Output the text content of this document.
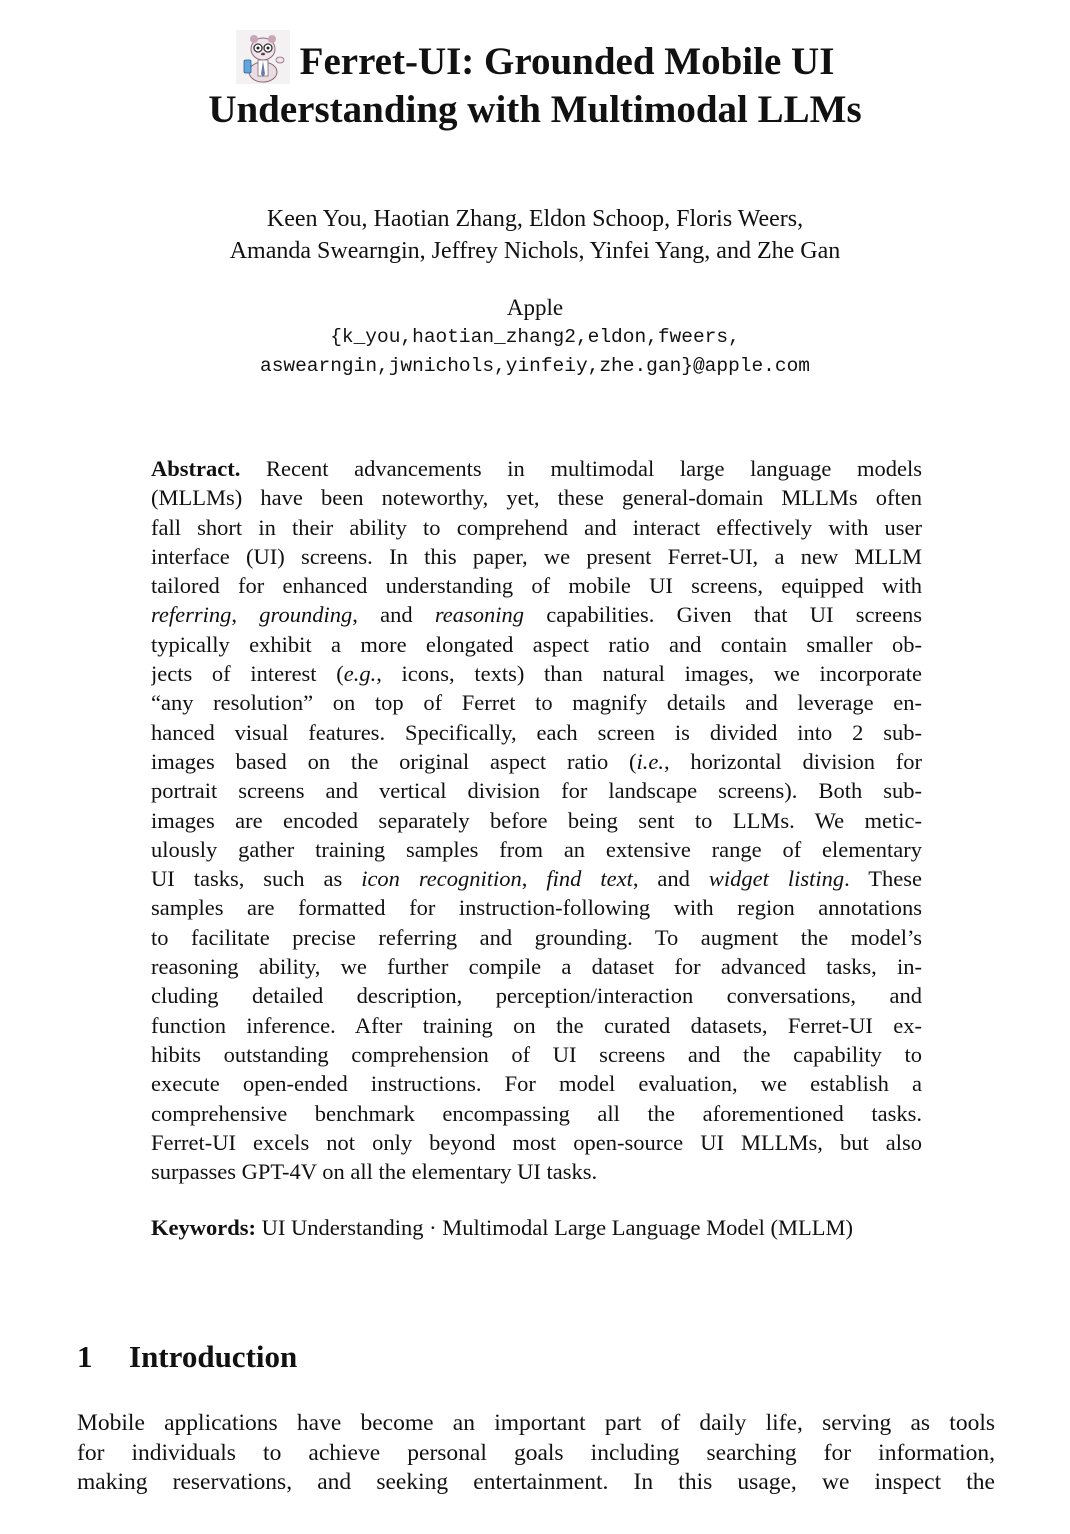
Ferret-UI: Grounded Mobile UI
Understanding with Multimodal LLMs
Keen You, Haotian Zhang, Eldon Schoop, Floris Weers,
Amanda Swearngin, Jeffrey Nichols, Yinfei Yang, and Zhe Gan
Apple
{k_you,haotian_zhang2,eldon,fweers,
aswearngin,jwnichols,yinfeiy,zhe.gan}@apple.com
Abstract. Recent advancements in multimodal large language models
(MLLMs) have been noteworthy, yet, these general-domain MLLMs often
fall short in their ability to comprehend and interact effectively with user
interface (UI) screens. In this paper, we present Ferret-UI, a new MLLM
tailored for enhanced understanding of mobile UI screens, equipped with
referring, grounding, and reasoning capabilities. Given that UI screens
typically exhibit a more elongated aspect ratio and contain smaller ob-
jects of interest (e.g., icons, texts) than natural images, we incorporate
“any resolution” on top of Ferret to magnify details and leverage en-
hanced visual features. Specifically, each screen is divided into 2 sub-
images based on the original aspect ratio (i.e., horizontal division for
portrait screens and vertical division for landscape screens). Both sub-
images are encoded separately before being sent to LLMs. We metic-
ulously gather training samples from an extensive range of elementary
UI tasks, such as icon recognition, find text, and widget listing. These
samples are formatted for instruction-following with region annotations
to facilitate precise referring and grounding. To augment the model’s
reasoning ability, we further compile a dataset for advanced tasks, in-
cluding detailed description, perception/interaction conversations, and
function inference. After training on the curated datasets, Ferret-UI ex-
hibits outstanding comprehension of UI screens and the capability to
execute open-ended instructions. For model evaluation, we establish a
comprehensive benchmark encompassing all the aforementioned tasks.
Ferret-UI excels not only beyond most open-source UI MLLMs, but also
surpasses GPT-4V on all the elementary UI tasks.
Keywords: UI Understanding · Multimodal Large Language Model (MLLM)
1 Introduction
Mobile applications have become an important part of daily life, serving as tools
for individuals to achieve personal goals including searching for information,
making reservations, and seeking entertainment. In this usage, we inspect the
